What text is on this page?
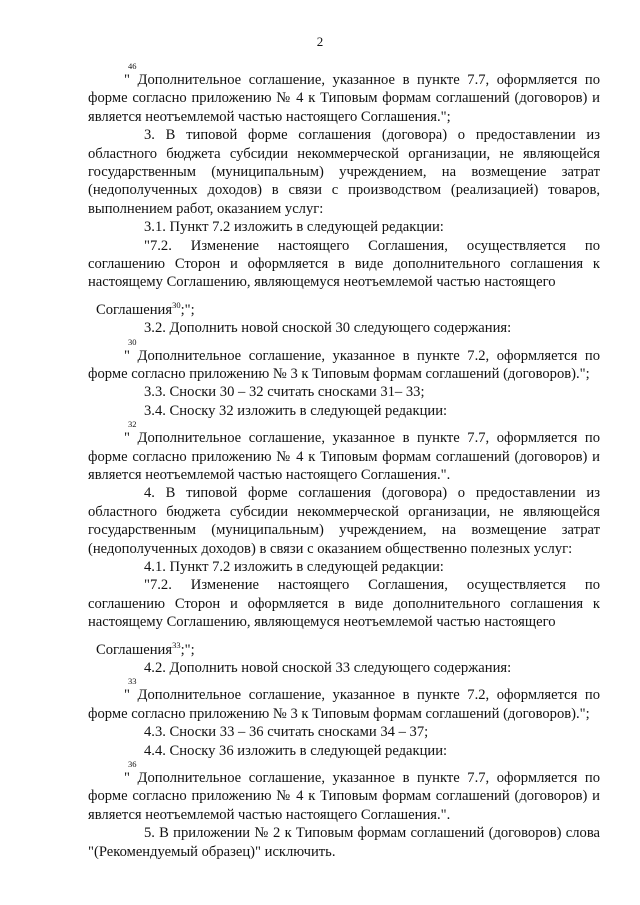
2
46

" Дополнительное соглашение, указанное в пункте 7.7, оформляется по форме согласно приложению № 4 к Типовым формам соглашений (договоров) и является неотъемлемой частью настоящего Соглашения.";

3. В типовой форме соглашения (договора) о предоставлении из областного бюджета субсидии некоммерческой организации, не являющейся государственным (муниципальным) учреждением, на возмещение затрат (недополученных доходов) в связи с производством (реализацией) товаров, выполнением работ, оказанием услуг:

3.1. Пункт 7.2 изложить в следующей редакции:

"7.2. Изменение настоящего Соглашения, осуществляется по соглашению Сторон и оформляется в виде дополнительного соглашения к настоящему Соглашению, являющемуся неотъемлемой частью настоящего

Соглашения$^{30}$;";

3.2. Дополнить новой сноской 30 следующего содержания:

30

" Дополнительное соглашение, указанное в пункте 7.2, оформляется по форме согласно приложению № 3 к Типовым формам соглашений (договоров).";

3.3. Сноски 30 – 32 считать сносками 31– 33;

3.4. Сноску 32 изложить в следующей редакции:

32

" Дополнительное соглашение, указанное в пункте 7.7, оформляется по форме согласно приложению № 4 к Типовым формам соглашений (договоров) и является неотъемлемой частью настоящего Соглашения.".

4. В типовой форме соглашения (договора) о предоставлении из областного бюджета субсидии некоммерческой организации, не являющейся государственным (муниципальным) учреждением, на возмещение затрат (недополученных доходов) в связи с оказанием общественно полезных услуг:

4.1. Пункт 7.2 изложить в следующей редакции:

"7.2. Изменение настоящего Соглашения, осуществляется по соглашению Сторон и оформляется в виде дополнительного соглашения к настоящему Соглашению, являющемуся неотъемлемой частью настоящего

Соглашения$^{33}$;";

4.2. Дополнить новой сноской 33 следующего содержания:

33

" Дополнительное соглашение, указанное в пункте 7.2, оформляется по форме согласно приложению № 3 к Типовым формам соглашений (договоров).";

4.3. Сноски 33 – 36 считать сносками 34 – 37;

4.4. Сноску 36 изложить в следующей редакции:

36

" Дополнительное соглашение, указанное в пункте 7.7, оформляется по форме согласно приложению № 4 к Типовым формам соглашений (договоров) и является неотъемлемой частью настоящего Соглашения.".

5. В приложении № 2 к Типовым формам соглашений (договоров) слова "(Рекомендуемый образец)" исключить.
